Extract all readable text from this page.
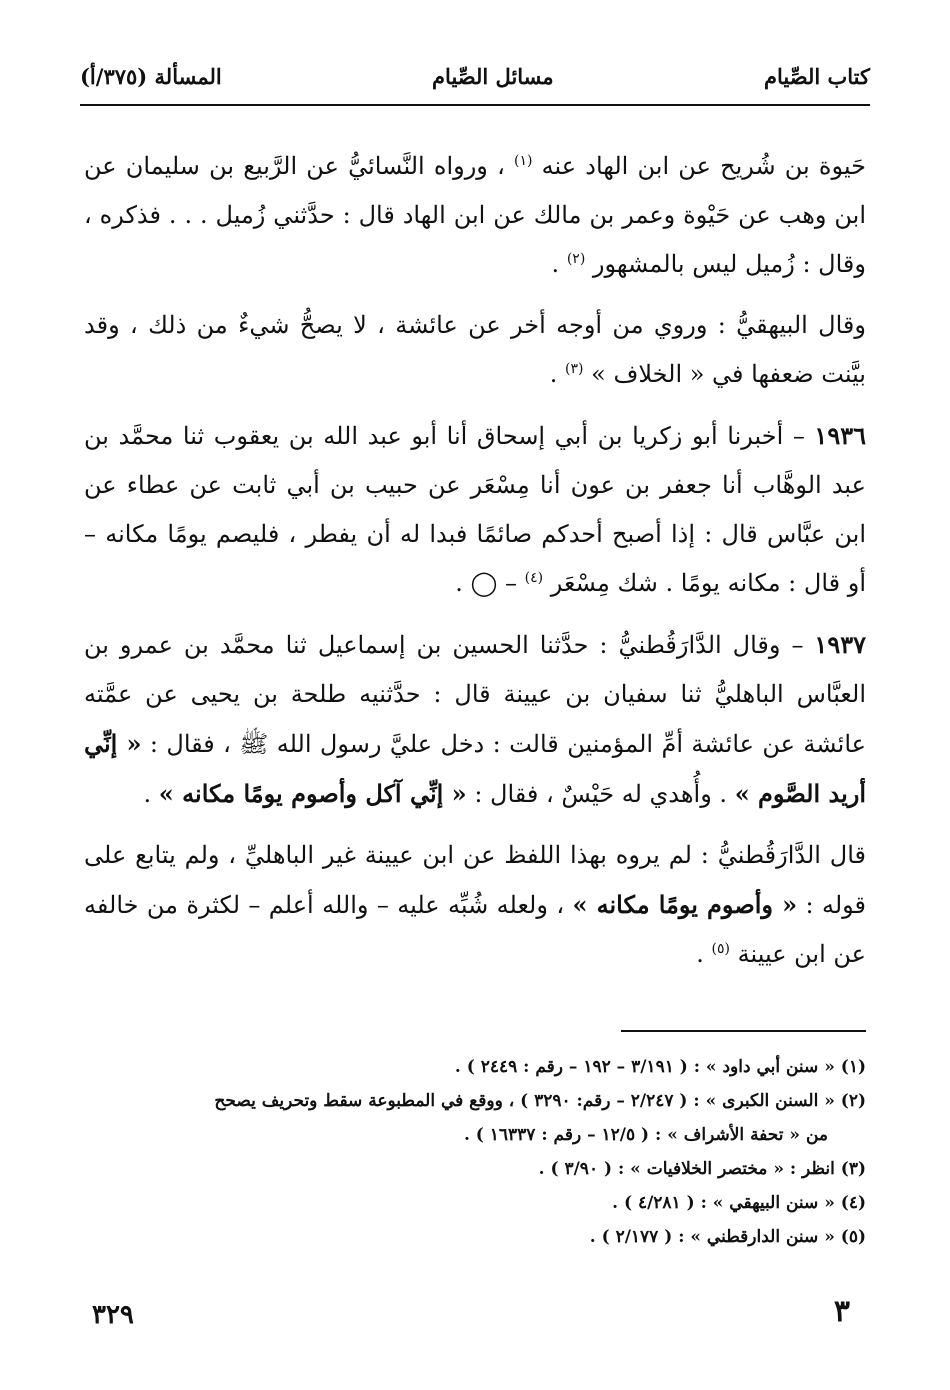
كتاب الصِّيام
مسائل الصِّيام
المسألة (٣٧٥/أ)

حَيوة بن شُريح عن ابن الهاد عنه $^{(١)}$ ، ورواه النَّسائيُّ عن الرَّبيع بن سليمان عن ابن وهب عن حَيْوة وعمر بن مالك عن ابن الهاد قال : حدَّثني زُميل . . . فذكره ، وقال : زُميل ليس بالمشهور $^{(٢)}$ .

وقال البيهقيُّ : وروي من أوجه أخر عن عائشة ، لا يصحُّ شيءٌ من ذلك ، وقد بيَّنت ضعفها في « الخلاف » $^{(٣)}$ .

١٩٣٦ – أخبرنا أبو زكريا بن أبي إسحاق أنا أبو عبد الله بن يعقوب ثنا محمَّد بن عبد الوهَّاب أنا جعفر بن عون أنا مِسْعَر عن حبيب بن أبي ثابت عن عطاء عن ابن عبَّاس قال : إذا أصبح أحدكم صائمًا فبدا له أن يفطر ، فليصم يومًا مكانه – أو قال : مكانه يومًا . شك مِسْعَر $^{(٤)}$ – ◯ .

١٩٣٧ – وقال الدَّارَقُطنيُّ : حدَّثنا الحسين بن إسماعيل ثنا محمَّد بن عمرو بن العبَّاس الباهليُّ ثنا سفيان بن عيينة قال : حدَّثنيه طلحة بن يحيى عن عمَّته عائشة عن عائشة أمِّ المؤمنين قالت : دخل عليَّ رسول الله ﷺ ، فقال : « إنِّي أريد الصَّوم » . وأُهدي له حَيْسٌ ، فقال : « إنِّي آكل وأصوم يومًا مكانه » .

قال الدَّارَقُطنيُّ : لم يروه بهذا اللفظ عن ابن عيينة غير الباهليِّ ، ولم يتابع على قوله : « وأصوم يومًا مكانه » ، ولعله شُبِّه عليه – والله أعلم – لكثرة من خالفه عن ابن عيينة $^{(٥)}$ .

(١) « سنن أبي داود » : ( ٣/١٩١ – ١٩٢ – رقم : ٢٤٤٩ ) .

(٢) « السنن الكبرى » : ( ٢/٢٤٧ – رقم: ٣٢٩٠ ) ، ووقع في المطبوعة سقط وتحريف يصحح

من « تحفة الأشراف » : ( ١٢/٥ – رقم : ١٦٣٣٧ ) .

(٣) انظر : « مختصر الخلافيات » : ( ٣/٩٠ ) .

(٤) « سنن البيهقي » : ( ٤/٢٨١ ) .

(٥) « سنن الدارقطني » : ( ٢/١٧٧ ) .

٣٢٩	٣
